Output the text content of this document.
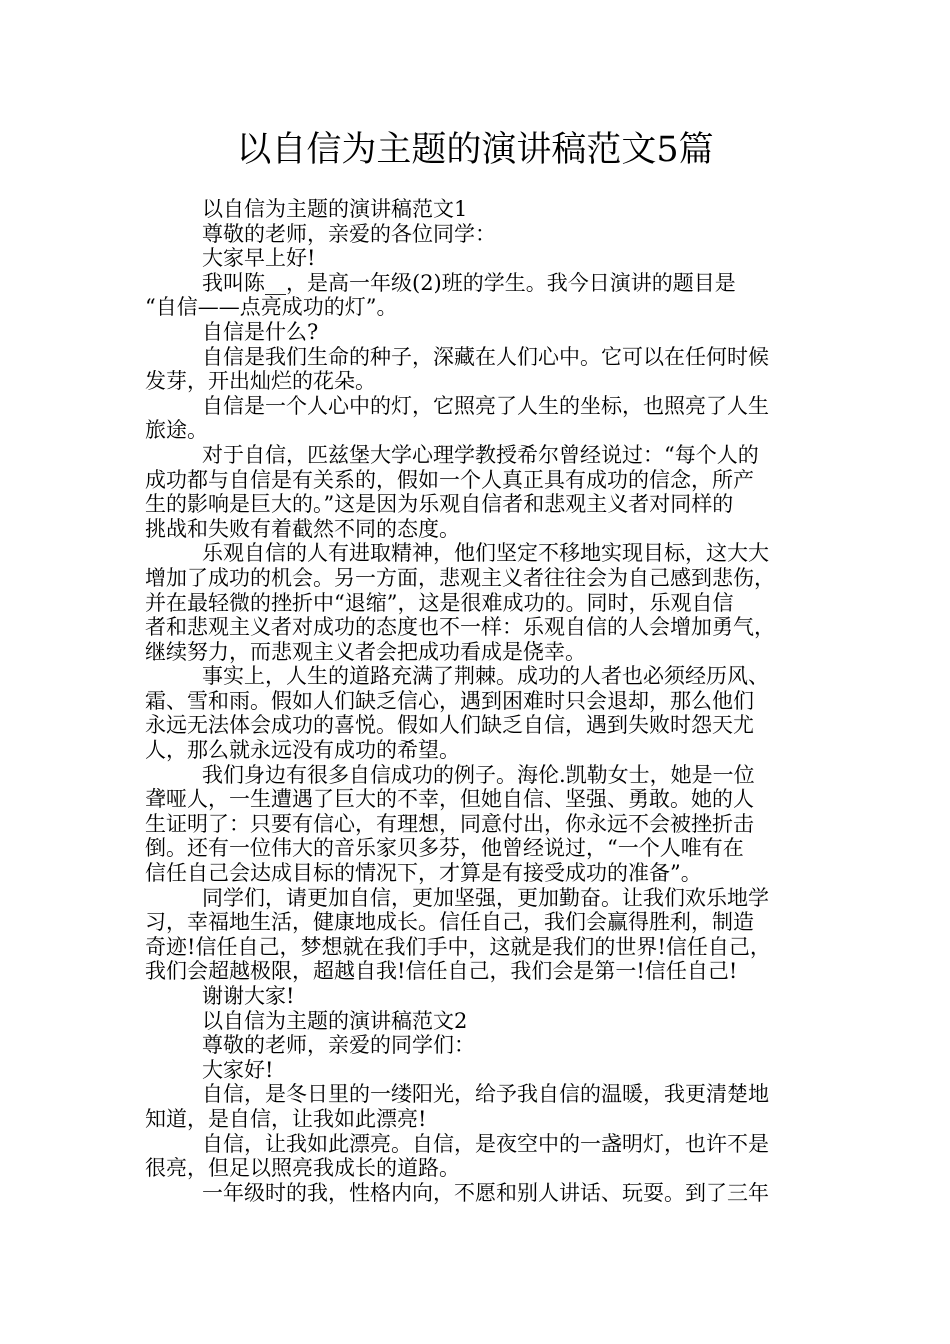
以自信为主题的演讲稿范文5篇
以自信为主题的演讲稿范文1
尊敬的老师，亲爱的各位同学：
大家早上好!
我叫陈__，是高一年级(2)班的学生。我今日演讲的题目是
“自信——点亮成功的灯”。
自信是什么?
自信是我们生命的种子，深藏在人们心中。它可以在任何时候
发芽，开出灿烂的花朵。
自信是一个人心中的灯，它照亮了人生的坐标，也照亮了人生
旅途。
对于自信，匹兹堡大学心理学教授希尔曾经说过：“每个人的
成功都与自信是有关系的，假如一个人真正具有成功的信念，所产
生的影响是巨大的。”这是因为乐观自信者和悲观主义者对同样的
挑战和失败有着截然不同的态度。
乐观自信的人有进取精神，他们坚定不移地实现目标，这大大
增加了成功的机会。另一方面，悲观主义者往往会为自己感到悲伤，
并在最轻微的挫折中“退缩”，这是很难成功的。同时，乐观自信
者和悲观主义者对成功的态度也不一样：乐观自信的人会增加勇气，
继续努力，而悲观主义者会把成功看成是侥幸。
事实上，人生的道路充满了荆棘。成功的人者也必须经历风、
霜、雪和雨。假如人们缺乏信心，遇到困难时只会退却，那么他们
永远无法体会成功的喜悦。假如人们缺乏自信，遇到失败时怨天尤
人，那么就永远没有成功的希望。
我们身边有很多自信成功的例子。海伦.凯勒女士，她是一位
聋哑人，一生遭遇了巨大的不幸，但她自信、坚强、勇敢。她的人
生证明了：只要有信心，有理想，同意付出，你永远不会被挫折击
倒。还有一位伟大的音乐家贝多芬，他曾经说过，“一个人唯有在
信任自己会达成目标的情况下，才算是有接受成功的准备”。
同学们，请更加自信，更加坚强，更加勤奋。让我们欢乐地学
习，幸福地生活，健康地成长。信任自己，我们会赢得胜利，制造
奇迹!信任自己，梦想就在我们手中，这就是我们的世界!信任自己，
我们会超越极限，超越自我!信任自己，我们会是第一!信任自己!
谢谢大家!
以自信为主题的演讲稿范文2
尊敬的老师，亲爱的同学们：
大家好!
自信，是冬日里的一缕阳光，给予我自信的温暖，我更清楚地
知道，是自信，让我如此漂亮!
自信，让我如此漂亮。自信，是夜空中的一盏明灯，也许不是
很亮，但足以照亮我成长的道路。
一年级时的我，性格内向，不愿和别人讲话、玩耍。到了三年
